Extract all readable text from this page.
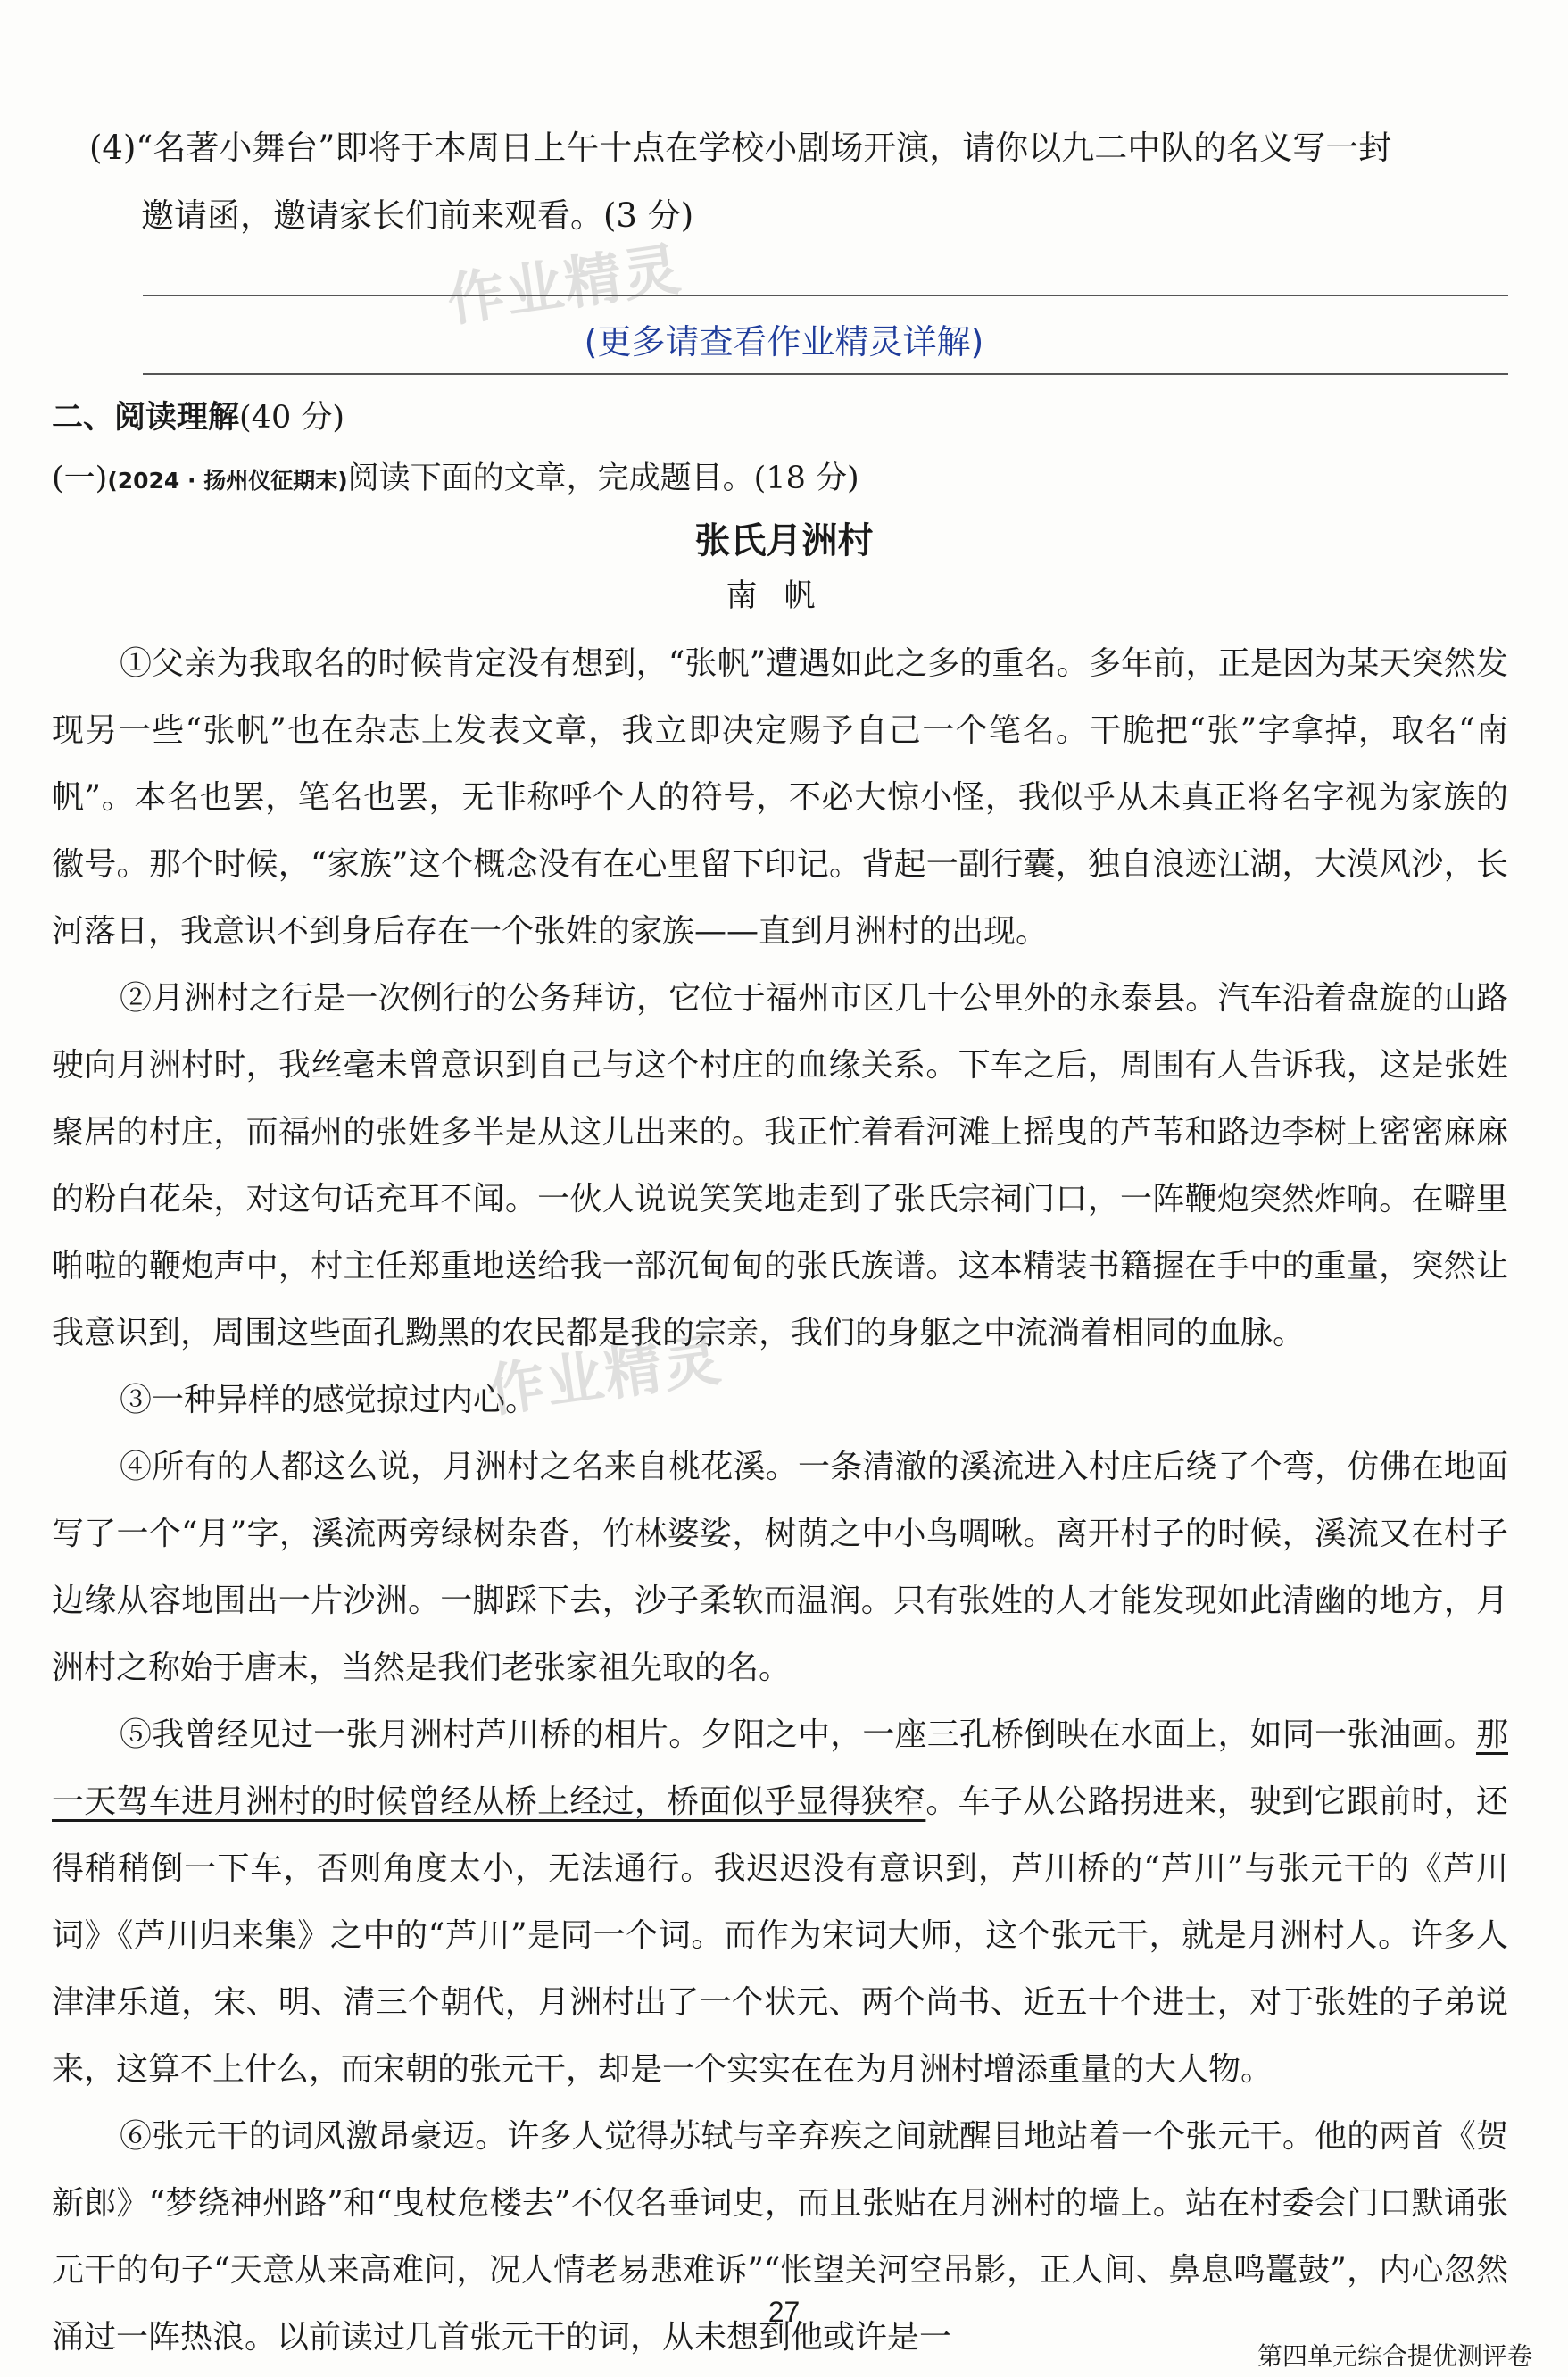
(4)“名著小舞台”即将于本周日上午十点在学校小剧场开演，请你以九二中队的名义写一封
邀请函，邀请家长们前来观看。(3 分)
作业精灵
(更多请查看作业精灵详解)
二、阅读理解(40 分)
(一)(2024 · 扬州仪征期末)阅读下面的文章，完成题目。(18 分)
张氏月洲村
南帆

①父亲为我取名的时候肯定没有想到，“张帆”遭遇如此之多的重名。多年前，正是因为某天突然发现另一些“张帆”也在杂志上发表文章，我立即决定赐予自己一个笔名。干脆把“张”字拿掉，取名“南帆”。本名也罢，笔名也罢，无非称呼个人的符号，不必大惊小怪，我似乎从未真正将名字视为家族的徽号。那个时候，“家族”这个概念没有在心里留下印记。背起一副行囊，独自浪迹江湖，大漠风沙，长河落日，我意识不到身后存在一个张姓的家族——直到月洲村的出现。

②月洲村之行是一次例行的公务拜访，它位于福州市区几十公里外的永泰县。汽车沿着盘旋的山路驶向月洲村时，我丝毫未曾意识到自己与这个村庄的血缘关系。下车之后，周围有人告诉我，这是张姓聚居的村庄，而福州的张姓多半是从这儿出来的。我正忙着看河滩上摇曳的芦苇和路边李树上密密麻麻的粉白花朵，对这句话充耳不闻。一伙人说说笑笑地走到了张氏宗祠门口，一阵鞭炮突然炸响。在噼里啪啦的鞭炮声中，村主任郑重地送给我一部沉甸甸的张氏族谱。这本精装书籍握在手中的重量，突然让我意识到，周围这些面孔黝黑的农民都是我的宗亲，我们的身躯之中流淌着相同的血脉。

③一种异样的感觉掠过内心。

④所有的人都这么说，月洲村之名来自桃花溪。一条清澈的溪流进入村庄后绕了个弯，仿佛在地面写了一个“月”字，溪流两旁绿树杂沓，竹林婆娑，树荫之中小鸟啁啾。离开村子的时候，溪流又在村子边缘从容地围出一片沙洲。一脚踩下去，沙子柔软而温润。只有张姓的人才能发现如此清幽的地方，月洲村之称始于唐末，当然是我们老张家祖先取的名。

⑤我曾经见过一张月洲村芦川桥的相片。夕阳之中，一座三孔桥倒映在水面上，如同一张油画。那一天驾车进月洲村的时候曾经从桥上经过，桥面似乎显得狭窄。车子从公路拐进来，驶到它跟前时，还得稍稍倒一下车，否则角度太小，无法通行。我迟迟没有意识到，芦川桥的“芦川”与张元干的《芦川词》《芦川归来集》之中的“芦川”是同一个词。而作为宋词大师，这个张元干，就是月洲村人。许多人津津乐道，宋、明、清三个朝代，月洲村出了一个状元、两个尚书、近五十个进士，对于张姓的子弟说来，这算不上什么，而宋朝的张元干，却是一个实实在在为月洲村增添重量的大人物。

⑥张元干的词风激昂豪迈。许多人觉得苏轼与辛弃疾之间就醒目地站着一个张元干。他的两首《贺新郎》“梦绕神州路”和“曳杖危楼去”不仅名垂词史，而且张贴在月洲村的墙上。站在村委会门口默诵张元干的句子“天意从来高难问，况人情老易悲难诉”“怅望关河空吊影，正人间、鼻息鸣鼍鼓”，内心忽然涌过一阵热浪。以前读过几首张元干的词，从未想到他或许是一

作业精灵
27
第四单元综合提优测评卷
